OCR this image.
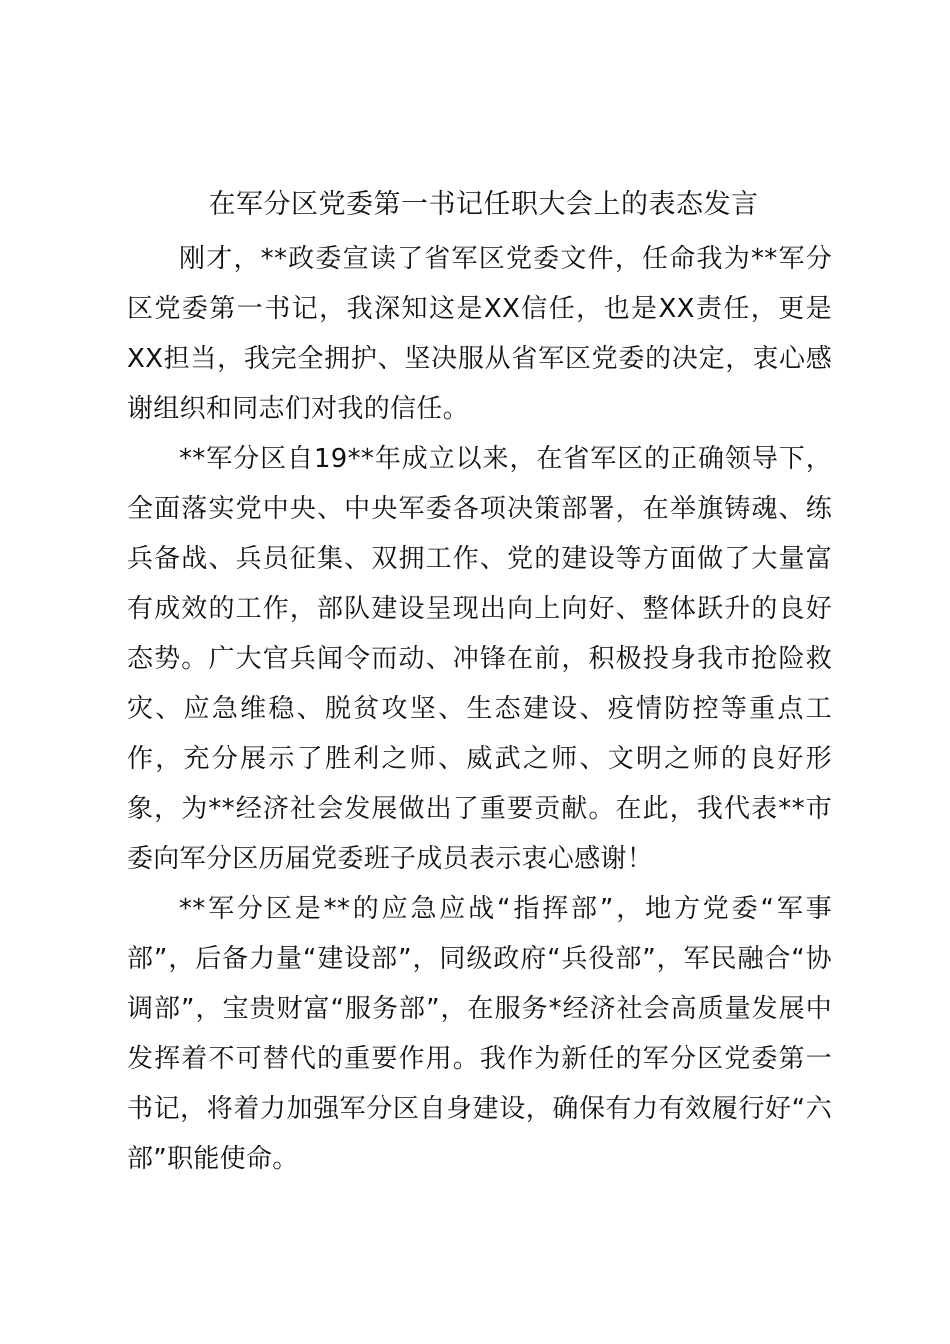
在军分区党委第一书记任职大会上的表态发言

刚才，**政委宣读了省军区党委文件，任命我为**军分区党委第一书记，我深知这是XX信任，也是XX责任，更是XX担当，我完全拥护、坚决服从省军区党委的决定，衷心感谢组织和同志们对我的信任。

**军分区自19**年成立以来，在省军区的正确领导下，全面落实党中央、中央军委各项决策部署，在举旗铸魂、练兵备战、兵员征集、双拥工作、党的建设等方面做了大量富有成效的工作，部队建设呈现出向上向好、整体跃升的良好态势。广大官兵闻令而动、冲锋在前，积极投身我市抢险救灾、应急维稳、脱贫攻坚、生态建设、疫情防控等重点工作，充分展示了胜利之师、威武之师、文明之师的良好形象，为**经济社会发展做出了重要贡献。在此，我代表**市委向军分区历届党委班子成员表示衷心感谢！

**军分区是**的应急应战“指挥部”，地方党委“军事部”，后备力量“建设部”，同级政府“兵役部”，军民融合“协调部”，宝贵财富“服务部”，在服务*经济社会高质量发展中发挥着不可替代的重要作用。我作为新任的军分区党委第一书记，将着力加强军分区自身建设，确保有力有效履行好“六部”职能使命。
